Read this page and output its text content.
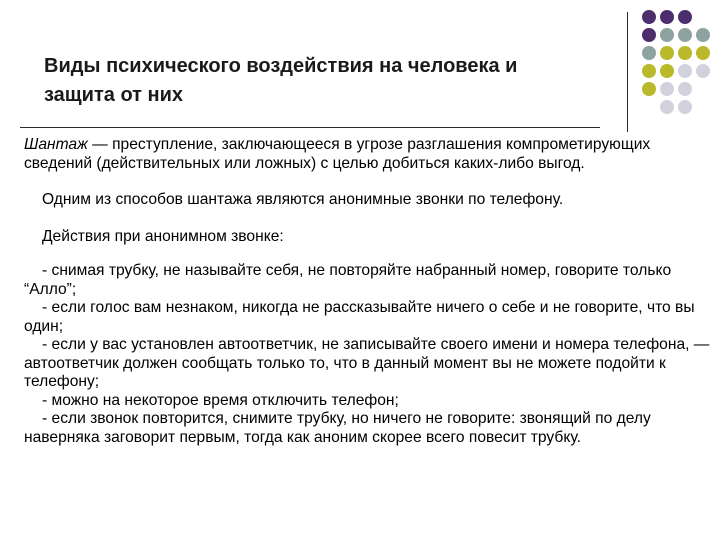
Виды психического воздействия на человека и
защита от них

Шантаж — преступление, заключающееся в угрозе разглашения компрометирующих сведений (действительных или ложных) с целью добиться каких-либо выгод.

Одним из способов шантажа являются анонимные звонки по телефону.

Действия при анонимном звонке:

- снимая трубку, не называйте себя, не повторяйте набранный номер, говорите только “Алло”;

- если голос вам незнаком, никогда не рассказывайте ничего о себе и не говорите, что вы один;

- если у вас установлен автоответчик, не записывайте своего имени и номера телефона, — автоответчик должен сообщать только то, что в данный момент вы не можете подойти к телефону;

- можно на некоторое время отключить телефон;

- если звонок повторится, снимите трубку, но ничего не говорите: звонящий по делу наверняка заговорит первым, тогда как аноним скорее всего повесит трубку.
